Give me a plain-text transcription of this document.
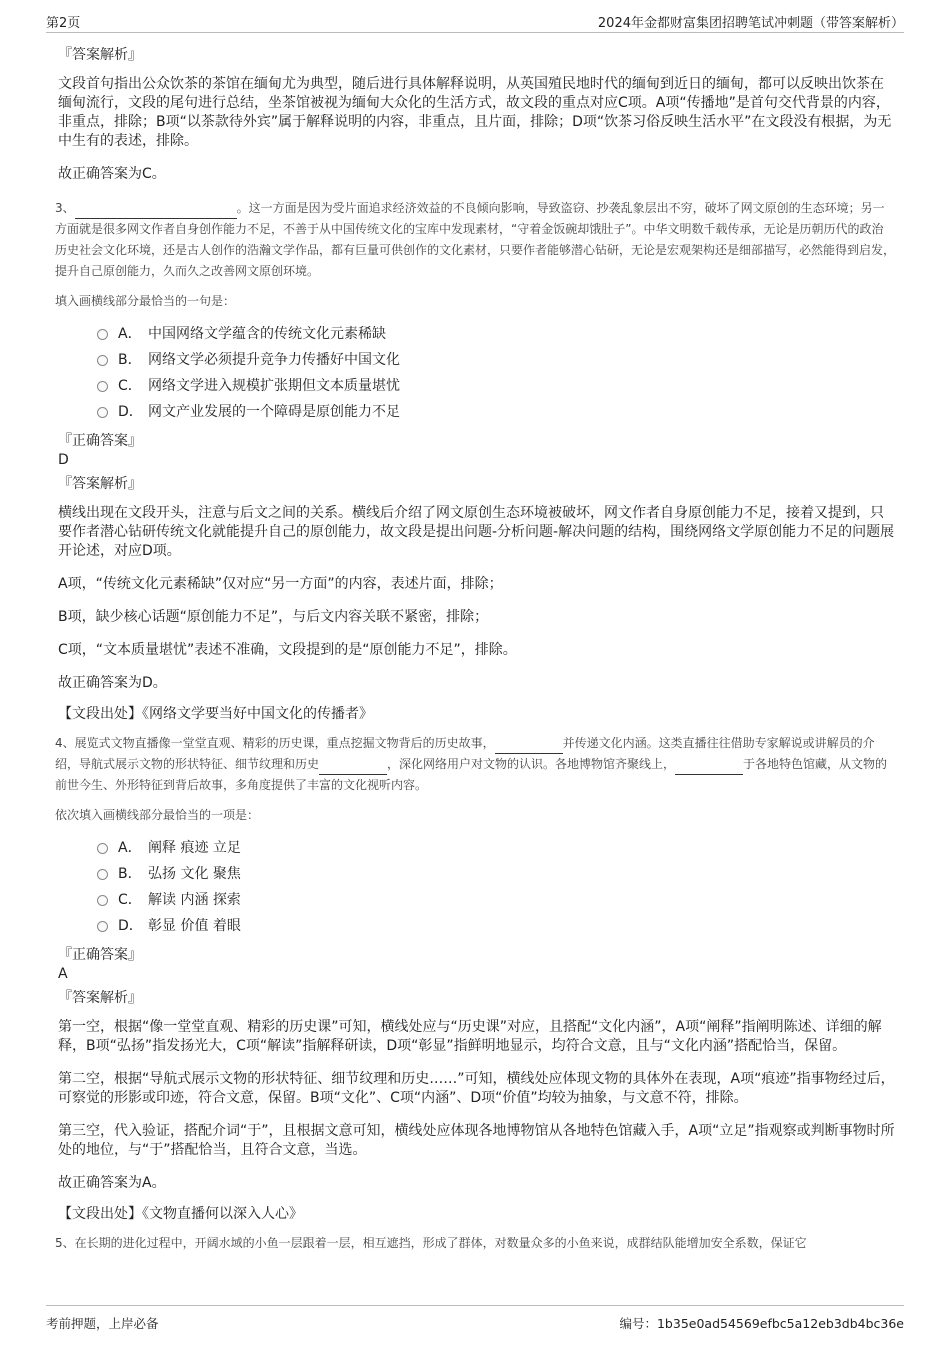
第2页	2024年金都财富集团招聘笔试冲刺题（带答案解析）
『答案解析』

文段首句指出公众饮茶的茶馆在缅甸尤为典型，随后进行具体解释说明，从英国殖民地时代的缅甸到近日的缅甸，都可以反映出饮茶在缅甸流行，文段的尾句进行总结，坐茶馆被视为缅甸大众化的生活方式，故文段的重点对应C项。A项“传播地”是首句交代背景的内容，非重点，排除；B项“以茶款待外宾”属于解释说明的内容，非重点，且片面，排除；D项“饮茶习俗反映生活水平”在文段没有根据，为无中生有的表述，排除。

故正确答案为C。

3、	。这一方面是因为受片面追求经济效益的不良倾向影响，导致盗窃、抄袭乱象层出不穷，破坏了网文原创的生态环境；另一方面就是很多网文作者自身创作能力不足，不善于从中国传统文化的宝库中发现素材，“守着金饭碗却饿肚子”。中华文明数千载传承，无论是历朝历代的政治历史社会文化环境，还是古人创作的浩瀚文学作品，都有巨量可供创作的文化素材，只要作者能够潜心钻研，无论是宏观架构还是细部描写，必然能得到启发，提升自己原创能力，久而久之改善网文原创环境。

填入画横线部分最恰当的一句是：

A． 中国网络文学蕴含的传统文化元素稀缺
B． 网络文学必须提升竞争力传播好中国文化
C． 网络文学进入规模扩张期但文本质量堪忧
D． 网文产业发展的一个障碍是原创能力不足
『正确答案』
D
『答案解析』

横线出现在文段开头，注意与后文之间的关系。横线后介绍了网文原创生态环境被破坏，网文作者自身原创能力不足，接着又提到，只要作者潜心钻研传统文化就能提升自己的原创能力，故文段是提出问题-分析问题-解决问题的结构，围绕网络文学原创能力不足的问题展开论述，对应D项。

A项，“传统文化元素稀缺”仅对应“另一方面”的内容，表述片面，排除；

B项，缺少核心话题“原创能力不足”，与后文内容关联不紧密，排除；

C项，“文本质量堪忧”表述不准确，文段提到的是“原创能力不足”，排除。

故正确答案为D。

【文段出处】《网络文学要当好中国文化的传播者》

4、展览式文物直播像一堂堂直观、精彩的历史课，重点挖掘文物背后的历史故事，	并传递文化内涵。这类直播往往借助专家解说或讲解员的介绍，导航式展示文物的形状特征、细节纹理和历史	，深化网络用户对文物的认识。各地博物馆齐聚线上，	于各地特色馆藏，从文物的前世今生、外形特征到背后故事，多角度提供了丰富的文化视听内容。

依次填入画横线部分最恰当的一项是：

A． 阐释 痕迹 立足
B． 弘扬 文化 聚焦
C． 解读 内涵 探索
D． 彰显 价值 着眼
『正确答案』
A
『答案解析』

第一空，根据“像一堂堂直观、精彩的历史课”可知，横线处应与“历史课”对应，且搭配“文化内涵”，A项“阐释”指阐明陈述、详细的解释，B项“弘扬”指发扬光大，C项“解读”指解释研读，D项“彰显”指鲜明地显示，均符合文意，且与“文化内涵”搭配恰当，保留。

第二空，根据“导航式展示文物的形状特征、细节纹理和历史……”可知，横线处应体现文物的具体外在表现，A项“痕迹”指事物经过后，可察觉的形影或印迹，符合文意，保留。B项“文化”、C项“内涵”、D项“价值”均较为抽象，与文意不符，排除。

第三空，代入验证，搭配介词“于”，且根据文意可知，横线处应体现各地博物馆从各地特色馆藏入手，A项“立足”指观察或判断事物时所处的地位，与“于”搭配恰当，且符合文意，当选。

故正确答案为A。

【文段出处】《文物直播何以深入人心》

5、在长期的进化过程中，开阔水域的小鱼一层跟着一层，相互遮挡，形成了群体，对数量众多的小鱼来说，成群结队能增加安全系数，保证它

考前押题，上岸必备	编号：1b35e0ad54569efbc5a12eb3db4bc36e
